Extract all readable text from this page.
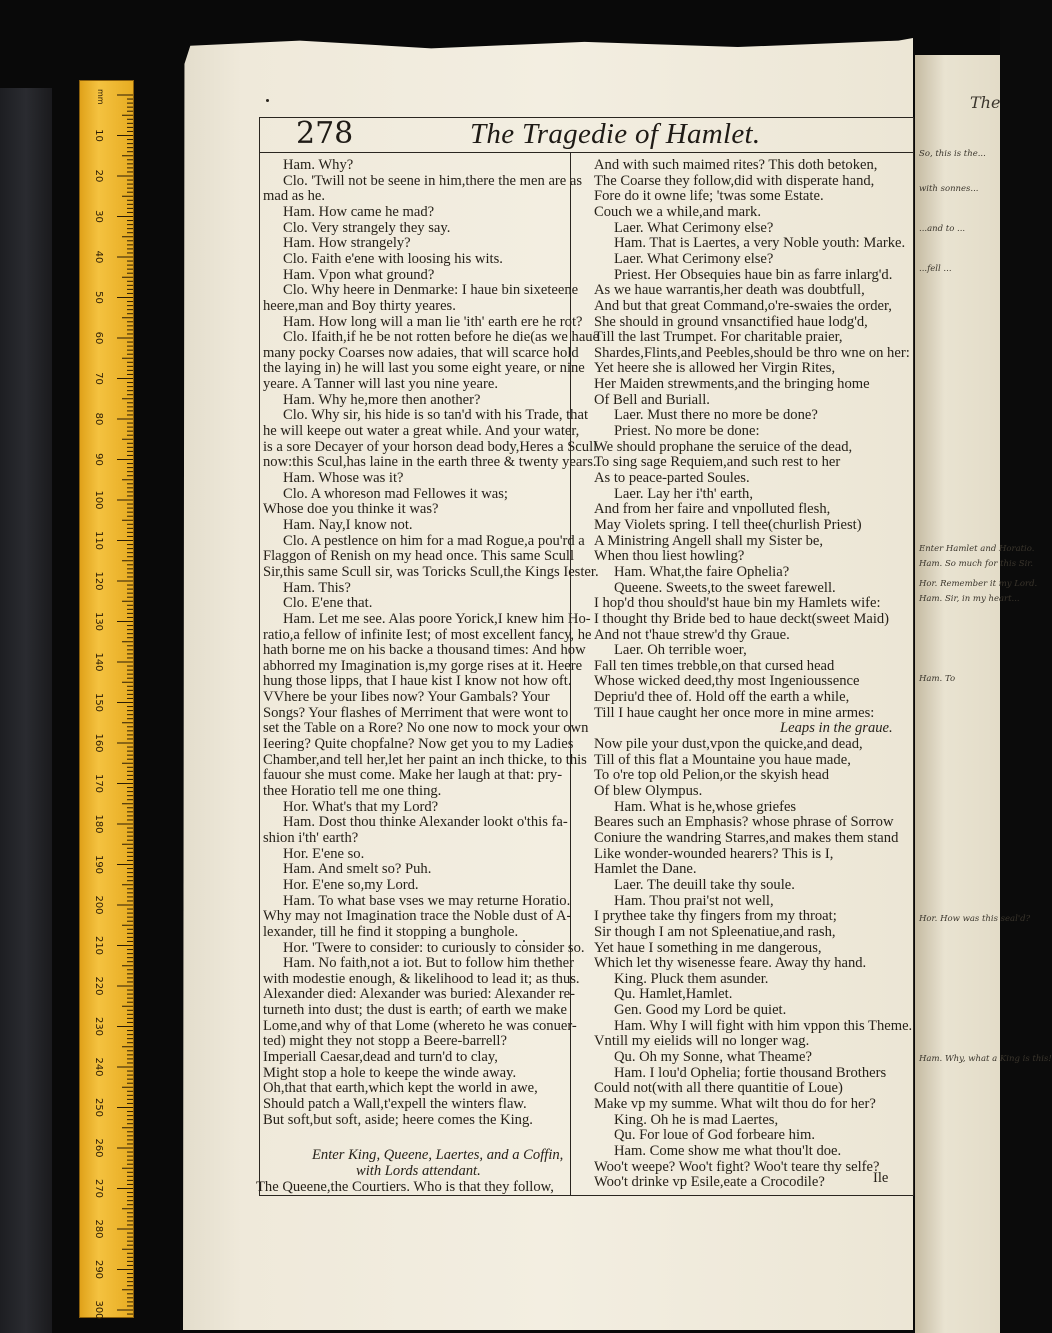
mm
10
20
30
40
50
60
70
80
90
100
110
120
130
140
150
160
170
180
190
200
210
220
230
240
250
260
270
280
290
300
The
So, this is the...
with sonnes...
...and to ...
...fell ...
Enter Hamlet and Horatio.
Ham. So much for this Sir.
Hor. Remember it my Lord.
Ham. Sir, in my heart...
Ham. To
Hor. How was this seal'd?
Ham. Why, what a King is this!
278	The Tragedie of Hamlet.
Ham. Why?
Clo. 'Twill not be seene in him,there the men are as
mad as he.
Ham. How came he mad?
Clo. Very strangely they say.
Ham. How strangely?
Clo. Faith e'ene with loosing his wits.
Ham. Vpon what ground?
Clo. Why heere in Denmarke: I haue bin sixeteene
heere,man and Boy thirty yeares.
Ham. How long will a man lie 'ith' earth ere he rot?
Clo. Ifaith,if he be not rotten before he die(as we haue
many pocky Coarses now adaies, that will scarce hold
the laying in) he will last you some eight yeare, or nine
yeare. A Tanner will last you nine yeare.
Ham. Why he,more then another?
Clo. Why sir, his hide is so tan'd with his Trade, that
he will keepe out water a great while. And your water,
is a sore Decayer of your horson dead body,Heres a Scull
now:this Scul,has laine in the earth three & twenty years.
Ham. Whose was it?
Clo. A whoreson mad Fellowes it was;
Whose doe you thinke it was?
Ham. Nay,I know not.
Clo. A pestlence on him for a mad Rogue,a pou'rd a
Flaggon of Renish on my head once. This same Scull
Sir,this same Scull sir, was Toricks Scull,the Kings Iester.
Ham. This?
Clo. E'ene that.
Ham. Let me see. Alas poore Yorick,I knew him Ho-
ratio,a fellow of infinite Iest; of most excellent fancy, he
hath borne me on his backe a thousand times: And how
abhorred my Imagination is,my gorge rises at it. Heere
hung those lipps, that I haue kist I know not how oft.
VVhere be your Iibes now? Your Gambals? Your
Songs? Your flashes of Merriment that were wont to
set the Table on a Rore? No one now to mock your own
Ieering? Quite chopfalne? Now get you to my Ladies
Chamber,and tell her,let her paint an inch thicke, to this
fauour she must come. Make her laugh at that: pry-
thee Horatio tell me one thing.
Hor. What's that my Lord?
Ham. Dost thou thinke Alexander lookt o'this fa-
shion i'th' earth?
Hor. E'ene so.
Ham. And smelt so? Puh.
Hor. E'ene so,my Lord.
Ham. To what base vses we may returne Horatio.
Why may not Imagination trace the Noble dust of A-
lexander, till he find it stopping a bunghole.
Hor. 'Twere to consider: to curiously to consider so.
Ham. No faith,not a iot. But to follow him thether
with modestie enough, & likelihood to lead it; as thus.
Alexander died: Alexander was buried: Alexander re-
turneth into dust; the dust is earth; of earth we make
Lome,and why of that Lome (whereto he was conuer-
ted) might they not stopp a Beere-barrell?
Imperiall Caesar,dead and turn'd to clay,
Might stop a hole to keepe the winde away.
Oh,that that earth,which kept the world in awe,
Should patch a Wall,t'expell the winters flaw.
But soft,but soft, aside; heere comes the King.
Enter King, Queene, Laertes, and a Coffin,
with Lords attendant.
The Queene,the Courtiers. Who is that they follow,
And with such maimed rites? This doth betoken,
The Coarse they follow,did with disperate hand,
Fore do it owne life; 'twas some Estate.
Couch we a while,and mark.
Laer. What Cerimony else?
Ham. That is Laertes, a very Noble youth: Marke.
Laer. What Cerimony else?
Priest. Her Obsequies haue bin as farre inlarg'd.
As we haue warrantis,her death was doubtfull,
And but that great Command,o're-swaies the order,
She should in ground vnsanctified haue lodg'd,
Till the last Trumpet. For charitable praier,
Shardes,Flints,and Peebles,should be thro wne on her:
Yet heere she is allowed her Virgin Rites,
Her Maiden strewments,and the bringing home
Of Bell and Buriall.
Laer. Must there no more be done?
Priest. No more be done:
We should prophane the seruice of the dead,
To sing sage Requiem,and such rest to her
As to peace-parted Soules.
Laer. Lay her i'th' earth,
And from her faire and vnpolluted flesh,
May Violets spring. I tell thee(churlish Priest)
A Ministring Angell shall my Sister be,
When thou liest howling?
Ham. What,the faire Ophelia?
Queene. Sweets,to the sweet farewell.
I hop'd thou should'st haue bin my Hamlets wife:
I thought thy Bride bed to haue deckt(sweet Maid)
And not t'haue strew'd thy Graue.
Laer. Oh terrible woer,
Fall ten times trebble,on that cursed head
Whose wicked deed,thy most Ingenioussence
Depriu'd thee of. Hold off the earth a while,
Till I haue caught her once more in mine armes:
Leaps in the graue.
Now pile your dust,vpon the quicke,and dead,
Till of this flat a Mountaine you haue made,
To o're top old Pelion,or the skyish head
Of blew Olympus.
Ham. What is he,whose griefes
Beares such an Emphasis? whose phrase of Sorrow
Coniure the wandring Starres,and makes them stand
Like wonder-wounded hearers? This is I,
Hamlet the Dane.
Laer. The deuill take thy soule.
Ham. Thou prai'st not well,
I prythee take thy fingers from my throat;
Sir though I am not Spleenatiue,and rash,
Yet haue I something in me dangerous,
Which let thy wisenesse feare. Away thy hand.
King. Pluck them asunder.
Qu. Hamlet,Hamlet.
Gen. Good my Lord be quiet.
Ham. Why I will fight with him vppon this Theme.
Vntill my eielids will no longer wag.
Qu. Oh my Sonne, what Theame?
Ham. I lou'd Ophelia; fortie thousand Brothers
Could not(with all there quantitie of Loue)
Make vp my summe. What wilt thou do for her?
King. Oh he is mad Laertes,
Qu. For loue of God forbeare him.
Ham. Come show me what thou'lt doe.
Woo't weepe? Woo't fight? Woo't teare thy selfe?
Woo't drinke vp Esile,eate a Crocodile?	Ile
